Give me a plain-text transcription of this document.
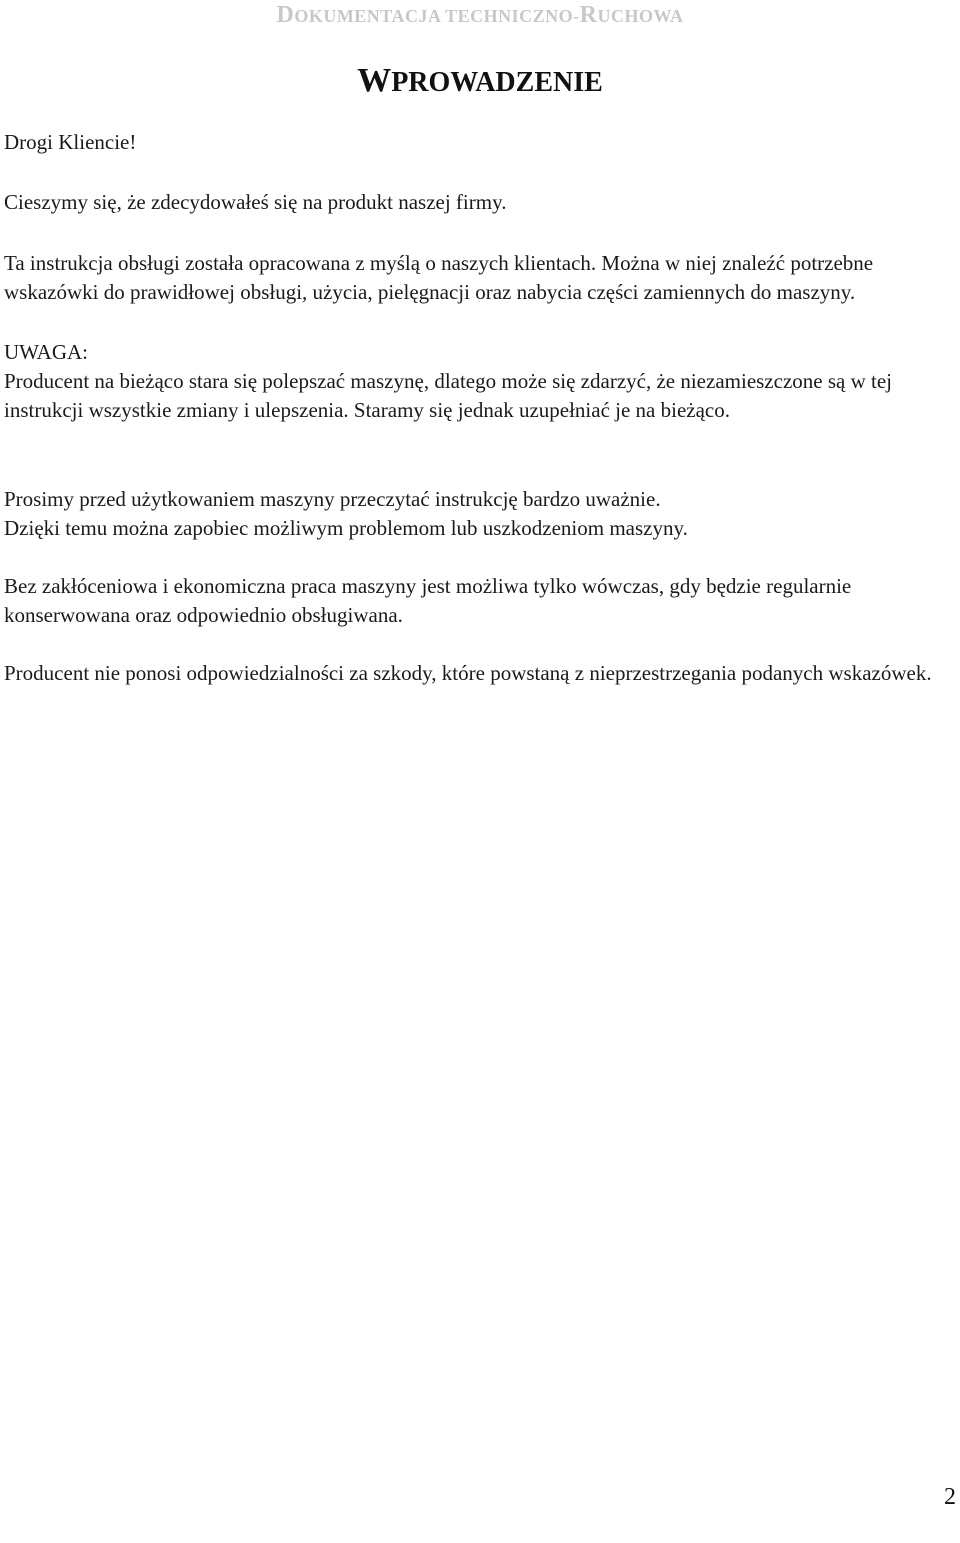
DOKUMENTACJA TECHNICZNO-RUCHOWA
WPROWADZENIE

Drogi Kliencie!

Cieszymy się, że zdecydowałeś się na produkt naszej firmy.

Ta instrukcja obsługi została opracowana z myślą o naszych klientach. Można w niej znaleźć potrzebne wskazówki do prawidłowej obsługi, użycia, pielęgnacji oraz nabycia części zamiennych do maszyny.

UWAGA:

Producent na bieżąco stara się polepszać maszynę, dlatego może się zdarzyć, że niezamieszczone są w tej instrukcji wszystkie zmiany i ulepszenia. Staramy się jednak uzupełniać je na bieżąco.

Prosimy przed użytkowaniem maszyny przeczytać instrukcję bardzo uważnie.

Dzięki temu można zapobiec możliwym problemom lub uszkodzeniom maszyny.

Bez zakłóceniowa i ekonomiczna praca maszyny jest możliwa tylko wówczas, gdy będzie regularnie konserwowana oraz odpowiednio obsługiwana.

Producent nie ponosi odpowiedzialności za szkody, które powstaną z nieprzestrzegania podanych wskazówek.

2
